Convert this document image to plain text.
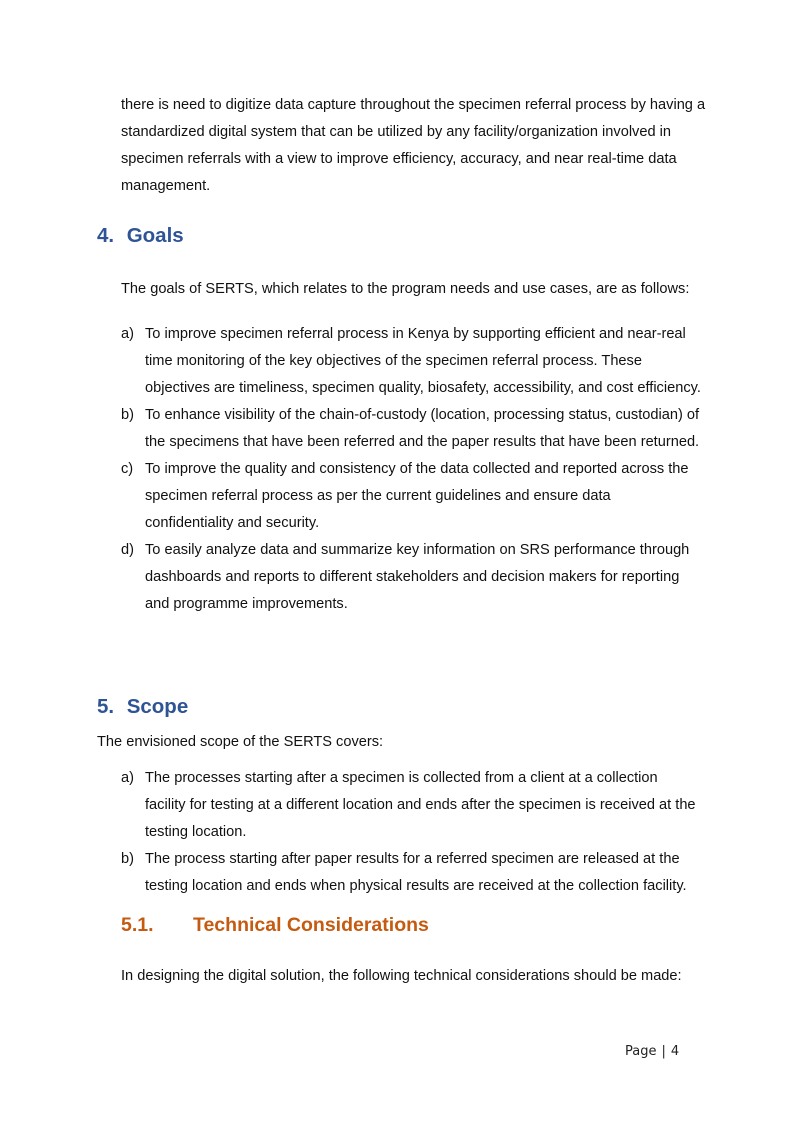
there is need to digitize data capture throughout the specimen referral process by having a standardized digital system that can be utilized by any facility/organization involved in specimen referrals with a view to improve efficiency, accuracy, and near real-time data management.

4. Goals

The goals of SERTS, which relates to the program needs and use cases, are as follows:

a) To improve specimen referral process in Kenya by supporting efficient and near-real time monitoring of the key objectives of the specimen referral process. These objectives are timeliness, specimen quality, biosafety, accessibility, and cost efficiency.
b) To enhance visibility of the chain-of-custody (location, processing status, custodian) of the specimens that have been referred and the paper results that have been returned.
c) To improve the quality and consistency of the data collected and reported across the specimen referral process as per the current guidelines and ensure data confidentiality and security.
d) To easily analyze data and summarize key information on SRS performance through dashboards and reports to different stakeholders and decision makers for reporting and programme improvements.
5. Scope

The envisioned scope of the SERTS covers:

a) The processes starting after a specimen is collected from a client at a collection facility for testing at a different location and ends after the specimen is received at the testing location.
b) The process starting after paper results for a referred specimen are released at the testing location and ends when physical results are received at the collection facility.
5.1. Technical Considerations

In designing the digital solution, the following technical considerations should be made:

Page | 4
